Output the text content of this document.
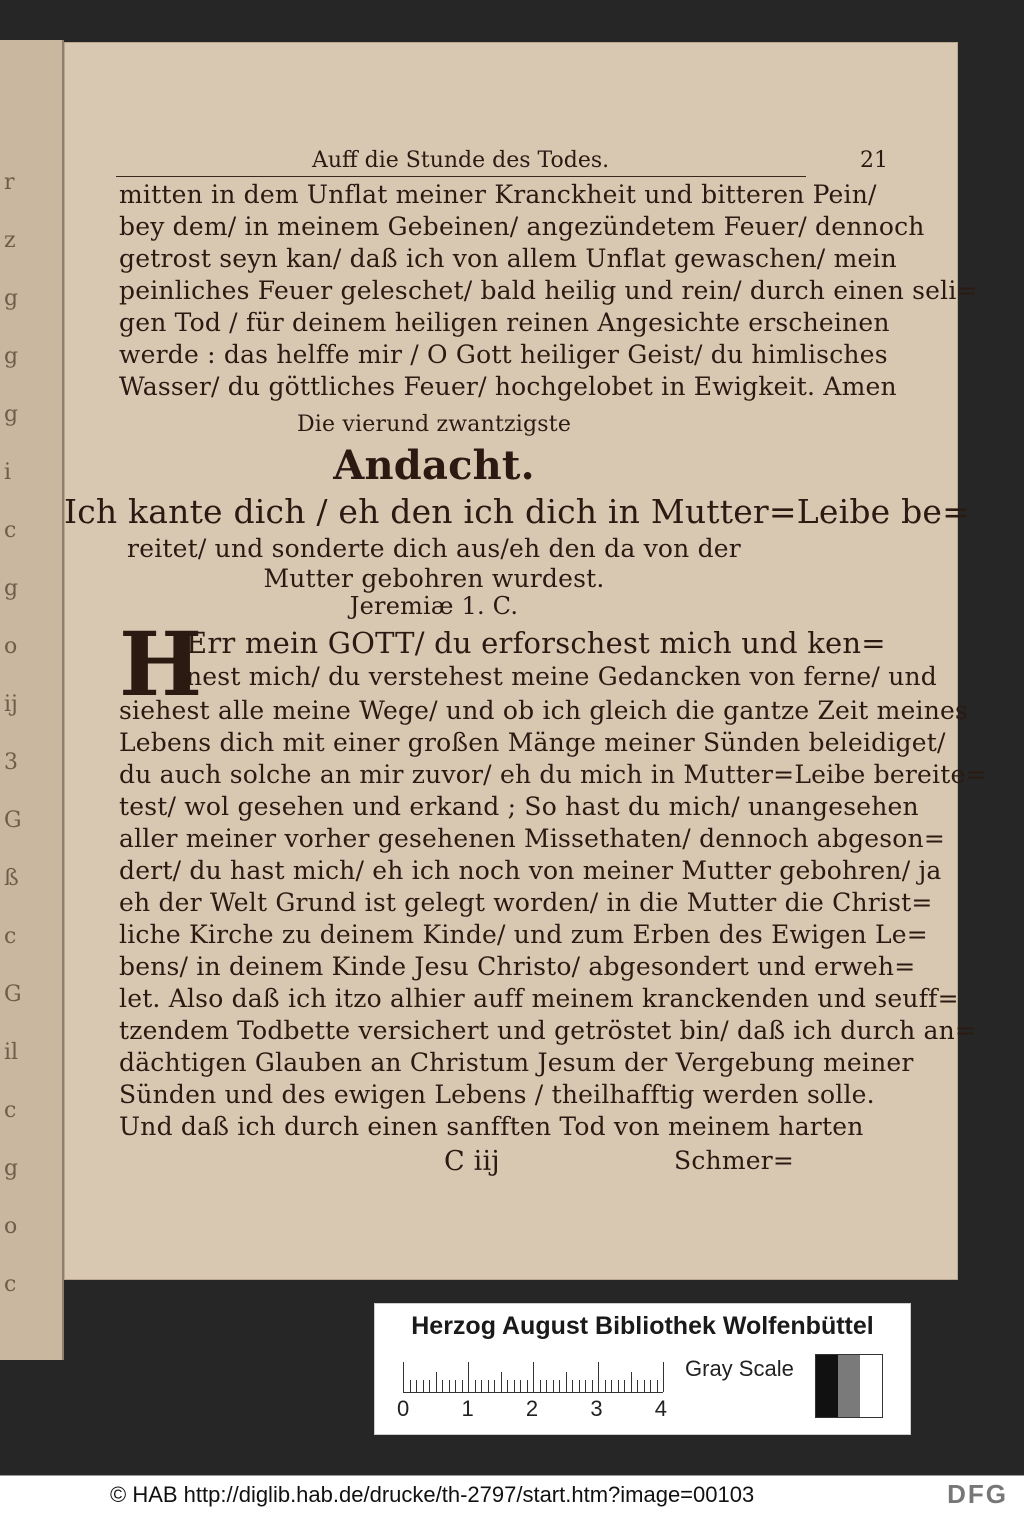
r
z
g
g
g
i
c
g
o
ij
3
G
ß
c
G
il
c
g
o
c
Auff die Stunde des Todes.	21
mitten in dem Unflat meiner Kranckheit und bitteren Pein/
bey dem/ in meinem Gebeinen/ angezündetem Feuer/ dennoch
getrost seyn kan/ daß ich von allem Unflat gewaschen/ mein
peinliches Feuer geleschet/ bald heilig und rein/ durch einen seli=
gen Tod / für deinem heiligen reinen Angesichte erscheinen
werde : das helffe mir / O Gott heiliger Geist/ du himlisches
Wasser/ du göttliches Feuer/ hochgelobet in Ewigkeit. Amen
Die vierund zwantzigste
Andacht.
Ich kante dich / eh den ich dich in Mutter=Leibe be=
reitet/ und sonderte dich aus/eh den da von der
Mutter gebohren wurdest.
Jeremiæ 1. C.
H
Err mein GOTT/ du erforschest mich und ken=
nest mich/ du verstehest meine Gedancken von ferne/ und
siehest alle meine Wege/ und ob ich gleich die gantze Zeit meines
Lebens dich mit einer großen Mänge meiner Sünden beleidiget/
du auch solche an mir zuvor/ eh du mich in Mutter=Leibe bereite=
test/ wol gesehen und erkand ; So hast du mich/ unangesehen
aller meiner vorher gesehenen Missethaten/ dennoch abgeson=
dert/ du hast mich/ eh ich noch von meiner Mutter gebohren/ ja
eh der Welt Grund ist gelegt worden/ in die Mutter die Christ=
liche Kirche zu deinem Kinde/ und zum Erben des Ewigen Le=
bens/ in deinem Kinde Jesu Christo/ abgesondert und erweh=
let. Also daß ich itzo alhier auff meinem kranckenden und seuff=
tzendem Todbette versichert und getröstet bin/ daß ich durch an=
dächtigen Glauben an Christum Jesum der Vergebung meiner
Sünden und des ewigen Lebens / theilhafftig werden solle.
Und daß ich durch einen sanfften Tod von meinem harten
C iij	Schmer=
Herzog August Bibliothek Wolfenbüttel
0 1 2 3 4
Gray Scale
© HAB http://diglib.hab.de/drucke/th-2797/start.htm?image=00103	DFG
